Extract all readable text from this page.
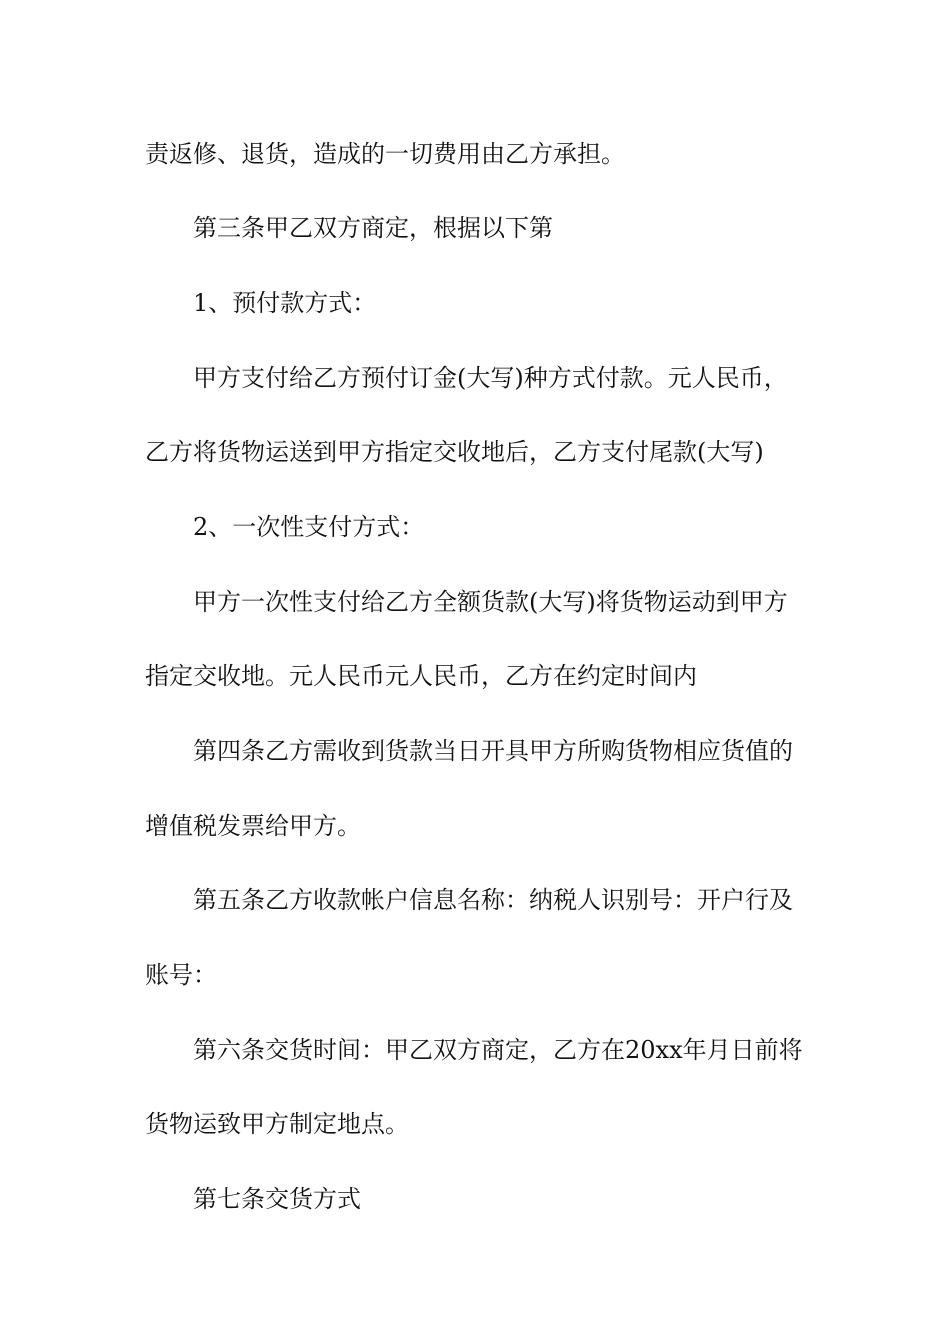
责返修、退货，造成的一切费用由乙方承担。

第三条甲乙双方商定，根据以下第

1、预付款方式：

甲方支付给乙方预付订金(大写)种方式付款。元人民币，

乙方将货物运送到甲方指定交收地后，乙方支付尾款(大写)

2、一次性支付方式：

甲方一次性支付给乙方全额货款(大写)将货物运动到甲方

指定交收地。元人民币元人民币，乙方在约定时间内

第四条乙方需收到货款当日开具甲方所购货物相应货值的

增值税发票给甲方。

第五条乙方收款帐户信息名称：纳税人识别号：开户行及

账号：

第六条交货时间：甲乙双方商定，乙方在20xx年月日前将

货物运致甲方制定地点。

第七条交货方式
